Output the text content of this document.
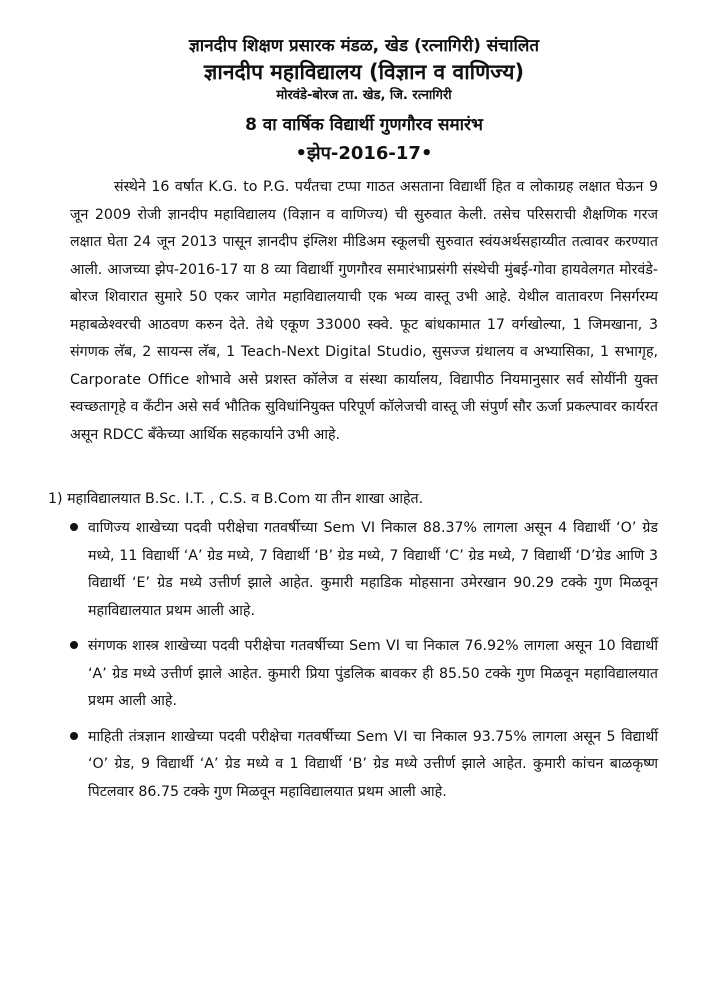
ज्ञानदीप शिक्षण प्रसारक मंडळ, खेड (रत्नागिरी) संचालित

ज्ञानदीप महाविद्यालय (विज्ञान व वाणिज्य)

मोरवंडे-बोरज ता. खेड, जि. रत्नागिरी

8 वा वार्षिक विद्यार्थी गुणगौरव समारंभ

•झेप-2016-17•

संस्थेने 16 वर्षात K.G. to P.G. पर्यंतचा टप्पा गाठत असताना विद्यार्थी हित व लोकाग्रह लक्षात घेऊन 9 जून 2009 रोजी ज्ञानदीप महाविद्यालय (विज्ञान व वाणिज्य) ची सुरुवात केली. तसेच परिसराची शैक्षणिक गरज लक्षात घेता 24 जून 2013 पासून ज्ञानदीप इंग्लिश मीडिअम स्कूलची सुरुवात स्वंयअर्थसहाय्यीत तत्वावर करण्यात आली. आजच्या झेप-2016-17 या 8 व्या विद्यार्थी गुणगौरव समारंभाप्रसंगी संस्थेची मुंबई-गोवा हायवेलगत मोरवंडे-बोरज शिवारात सुमारे 50 एकर जागेत महाविद्यालयाची एक भव्य वास्तू उभी आहे. येथील वातावरण निसर्गरम्य महाबळेश्वरची आठवण करुन देते. तेथे एकूण 33000 स्क्वे. फूट बांधकामात 17 वर्गखोल्या, 1 जिमखाना, 3 संगणक लॅब, 2 सायन्स लॅब, 1 Teach-Next Digital Studio, सुसज्ज ग्रंथालय व अभ्यासिका, 1 सभागृह, Carporate Office शोभावे असे प्रशस्त कॉलेज व संस्था कार्यालय, विद्यापीठ नियमानुसार सर्व सोयींनी युक्त स्वच्छतागृहे व कॅंटीन असे सर्व भौतिक सुविधांनियुक्त परिपूर्ण कॉलेजची वास्तू जी संपुर्ण सौर ऊर्जा प्रकल्पावर कार्यरत असून RDCC बॅंकेच्या आर्थिक सहकार्याने उभी आहे.

1) महाविद्यालयात B.Sc. I.T. , C.S. व B.Com या तीन शाखा आहेत.

वाणिज्य शाखेच्या पदवी परीक्षेचा गतवर्षीच्या Sem VI निकाल 88.37% लागला असून 4 विद्यार्थी ‘O’ ग्रेड मध्ये, 11 विद्यार्थी ‘A’ ग्रेड मध्ये, 7 विद्यार्थी ‘B’ ग्रेड मध्ये, 7 विद्यार्थी ‘C’ ग्रेड मध्ये, 7 विद्यार्थी ‘D’ग्रेड आणि 3 विद्यार्थी ‘E’ ग्रेड मध्ये उत्तीर्ण झाले आहेत. कुमारी महाडिक मोहसाना उमेरखान 90.29 टक्के गुण मिळवून महाविद्यालयात प्रथम आली आहे.
संगणक शास्त्र शाखेच्या पदवी परीक्षेचा गतवर्षीच्या Sem VI चा निकाल 76.92% लागला असून 10 विद्यार्थी ‘A’ ग्रेड मध्ये उत्तीर्ण झाले आहेत. कुमारी प्रिया पुंडलिक बावकर ही 85.50 टक्के गुण मिळवून महाविद्यालयात प्रथम आली आहे.
माहिती तंत्रज्ञान शाखेच्या पदवी परीक्षेचा गतवर्षीच्या Sem VI चा निकाल 93.75% लागला असून 5 विद्यार्थी ‘O’ ग्रेड, 9 विद्यार्थी ‘A’ ग्रेड मध्ये व 1 विद्यार्थी ‘B’ ग्रेड मध्ये उत्तीर्ण झाले आहेत. कुमारी कांचन बाळकृष्ण पिटलवार 86.75 टक्के गुण मिळवून महाविद्यालयात प्रथम आली आहे.
